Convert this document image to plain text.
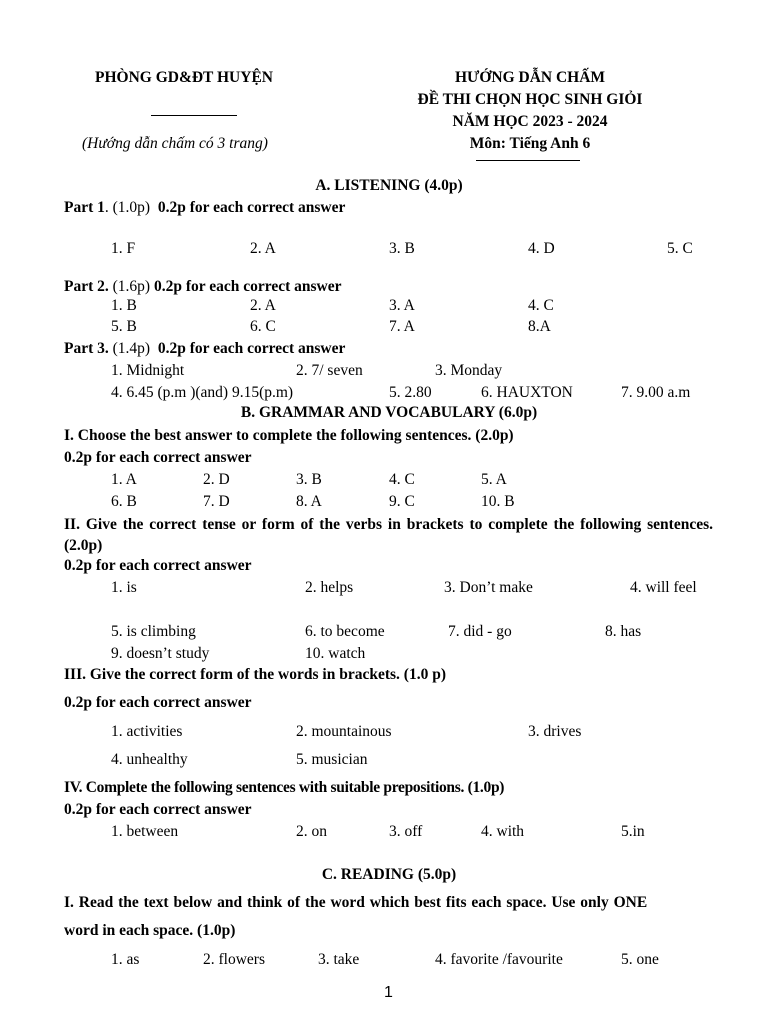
PHÒNG GD&ĐT HUYỆN
(Hướng dẫn chấm có 3 trang)
HƯỚNG DẪN CHẤM
ĐỀ THI CHỌN HỌC SINH GIỎI
NĂM HỌC 2023 - 2024
Môn: Tiếng Anh 6
A. LISTENING (4.0p)
Part 1. (1.0p) 0.2p for each correct answer
1. F	2. A	3. B	4. D	5. C
Part 2. (1.6p) 0.2p for each correct answer
1. B	2. A	3. A	4. C
5. B	6. C	7. A	8.A
Part 3. (1.4p) 0.2p for each correct answer
1. Midnight	2. 7/ seven	3. Monday
4. 6.45 (p.m )(and) 9.15(p.m)	5. 2.80	6. HAUXTON	7. 9.00 a.m
B. GRAMMAR AND VOCABULARY (6.0p)
I. Choose the best answer to complete the following sentences. (2.0p)
0.2p for each correct answer
1. A	2. D	3. B	4. C	5. A
6. B	7. D	8. A	9. C	10. B
II. Give the correct tense or form of the verbs in brackets to complete the following sentences. (2.0p)
0.2p for each correct answer
1. is	2. helps	3. Don’t make	4. will feel
5. is climbing	6. to become	7. did - go	8. has
9. doesn’t study	10. watch
III. Give the correct form of the words in brackets. (1.0 p)
0.2p for each correct answer
1. activities	2. mountainous	3. drives
4. unhealthy	5. musician
IV. Complete the following sentences with suitable prepositions. (1.0p)
0.2p for each correct answer
1. between	2. on	3. off	4. with	5.in
C. READING (5.0p)
I. Read the text below and think of the word which best fits each space. Use only ONE
word in each space. (1.0p)
1. as	2. flowers	3. take	4. favorite /favourite	5. one
1
